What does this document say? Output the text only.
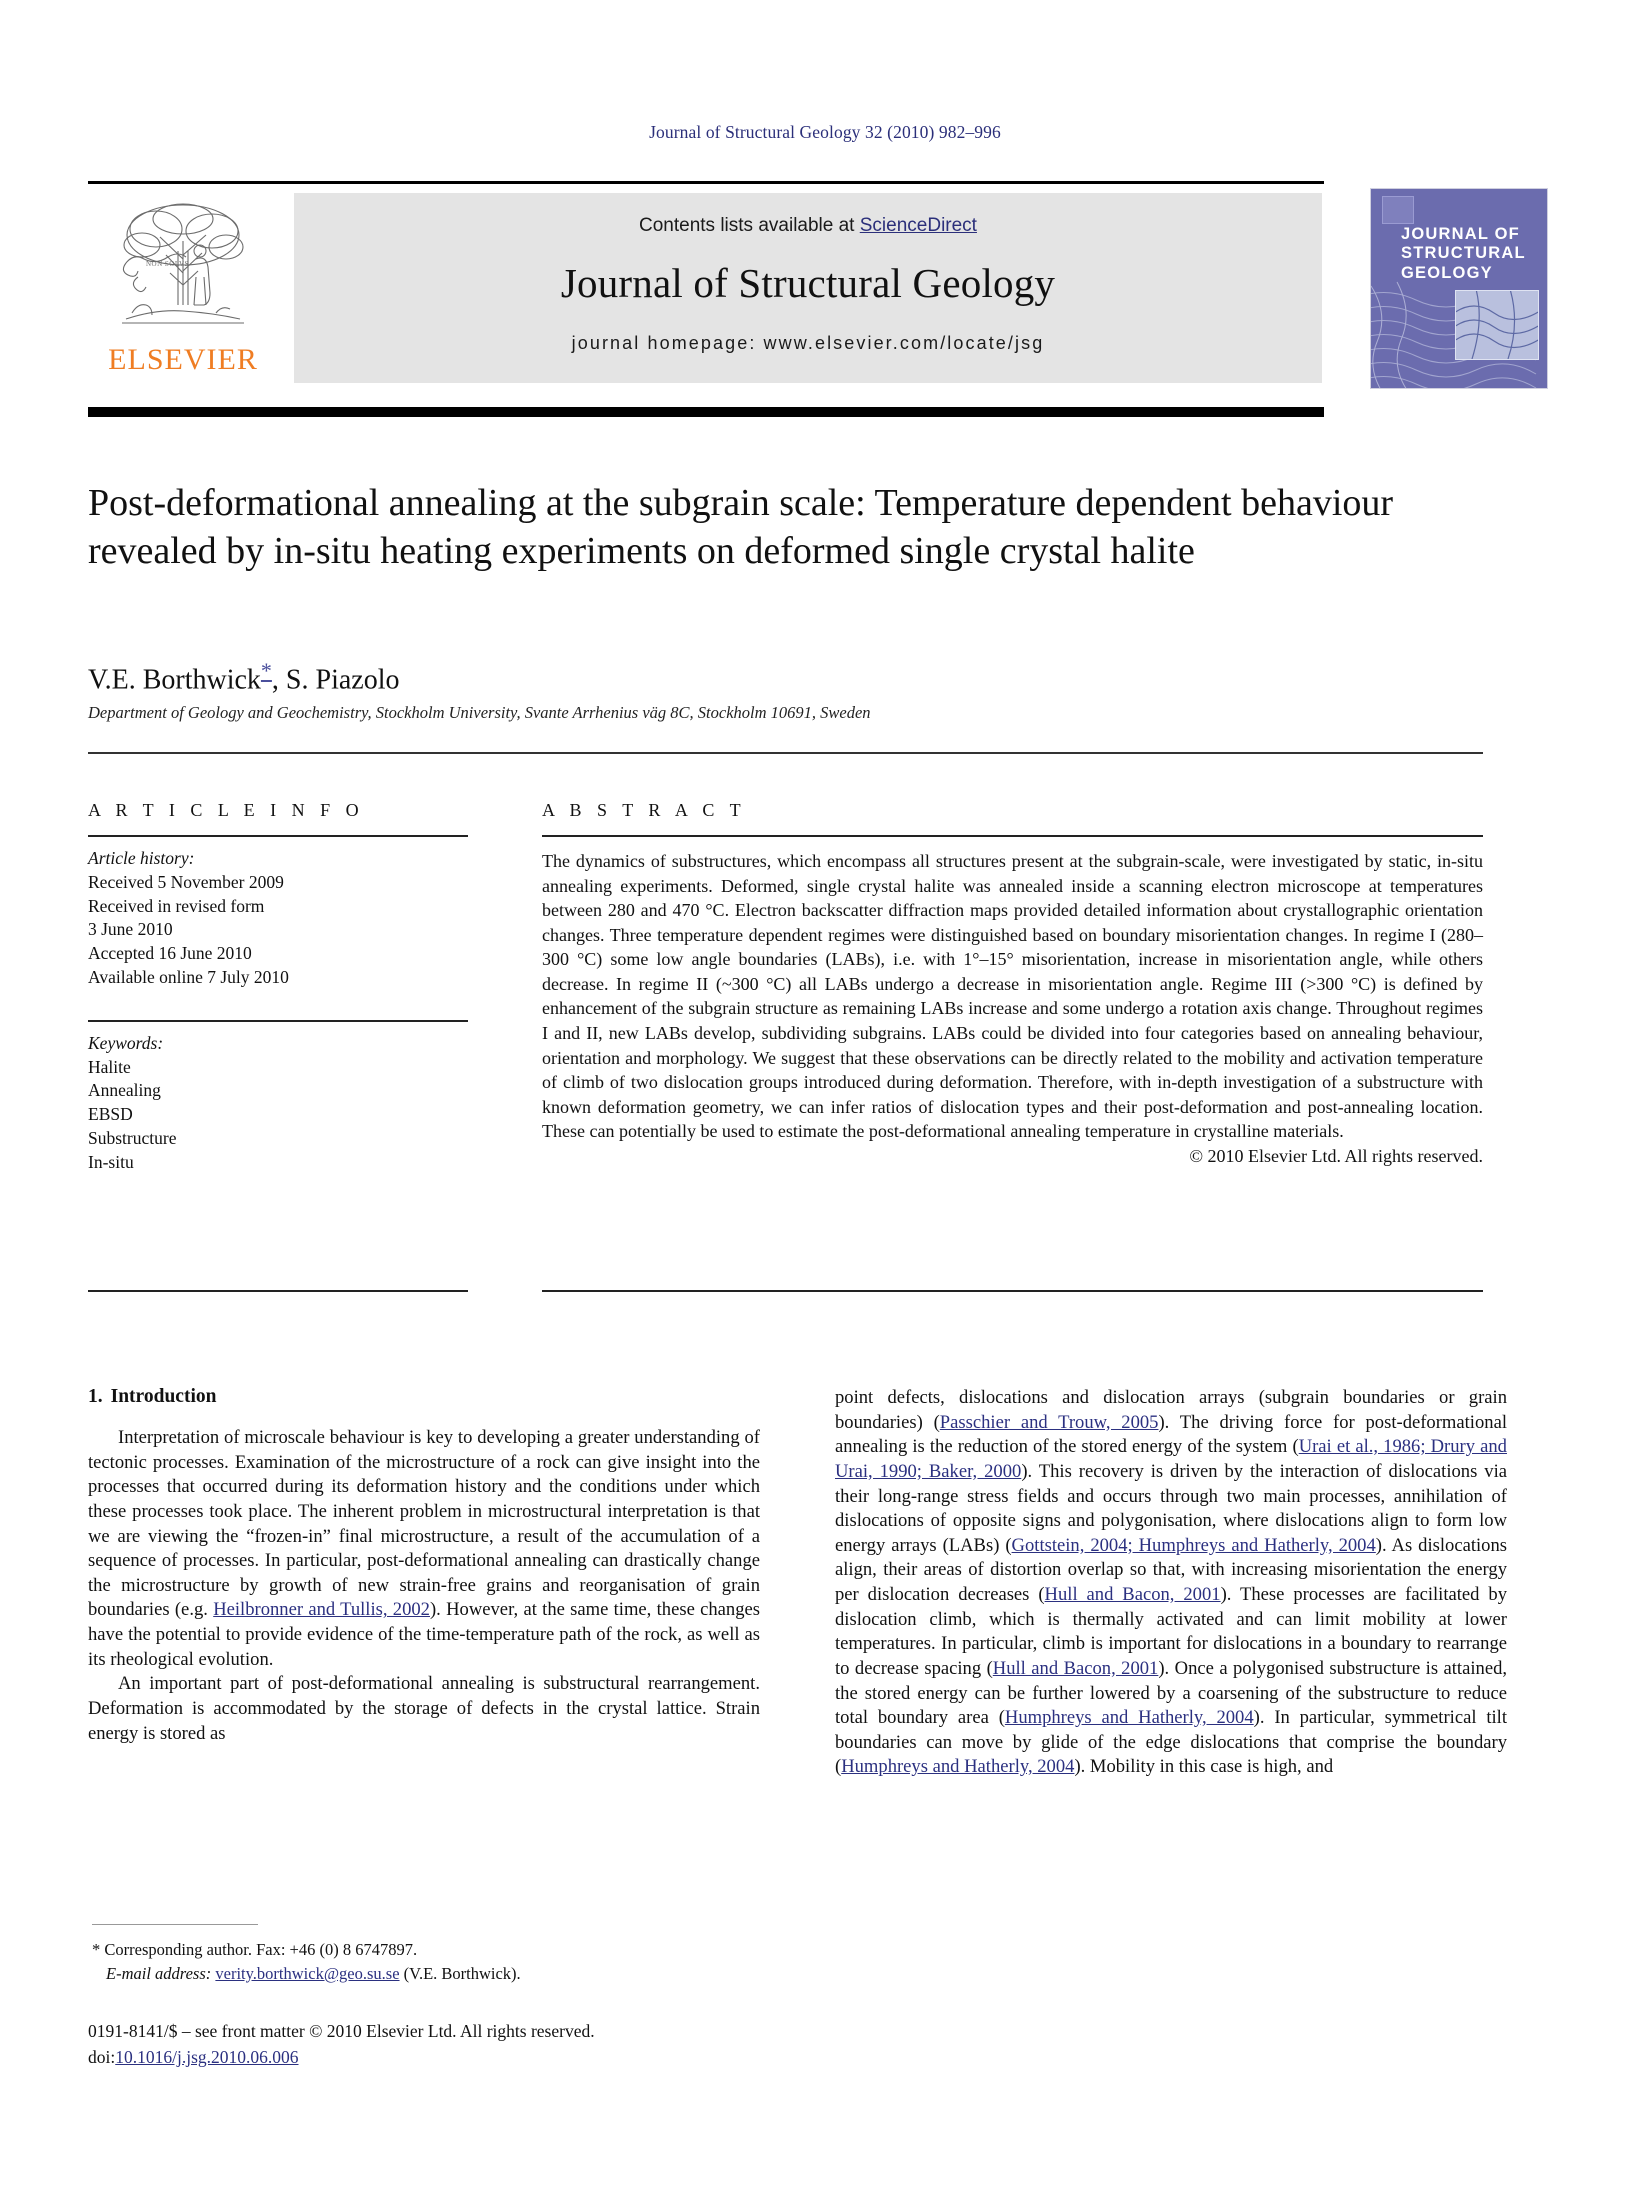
Journal of Structural Geology 32 (2010) 982–996
NON SOLVS
ELSEVIER
Contents lists available at ScienceDirect
Journal of Structural Geology
journal homepage: www.elsevier.com/locate/jsg
JOURNAL OF
STRUCTURAL
GEOLOGY
Post-deformational annealing at the subgrain scale: Temperature dependent behaviour revealed by in-situ heating experiments on deformed single crystal halite
V.E. Borthwick*, S. Piazolo
Department of Geology and Geochemistry, Stockholm University, Svante Arrhenius väg 8C, Stockholm 10691, Sweden
A R T I C L E I N F O
Article history:
Received 5 November 2009
Received in revised form
3 June 2010
Accepted 16 June 2010
Available online 7 July 2010
Keywords:
Halite
Annealing
EBSD
Substructure
In-situ
A B S T R A C T
The dynamics of substructures, which encompass all structures present at the subgrain-scale, were investigated by static, in-situ annealing experiments. Deformed, single crystal halite was annealed inside a scanning electron microscope at temperatures between 280 and 470 °C. Electron backscatter diffraction maps provided detailed information about crystallographic orientation changes. Three temperature dependent regimes were distinguished based on boundary misorientation changes. In regime I (280–300 °C) some low angle boundaries (LABs), i.e. with 1°–15° misorientation, increase in misorientation angle, while others decrease. In regime II (~300 °C) all LABs undergo a decrease in misorientation angle. Regime III (>300 °C) is defined by enhancement of the subgrain structure as remaining LABs increase and some undergo a rotation axis change. Throughout regimes I and II, new LABs develop, subdividing subgrains. LABs could be divided into four categories based on annealing behaviour, orientation and morphology. We suggest that these observations can be directly related to the mobility and activation temperature of climb of two dislocation groups introduced during deformation. Therefore, with in-depth investigation of a substructure with known deformation geometry, we can infer ratios of dislocation types and their post-deformation and post-annealing location. These can potentially be used to estimate the post-deformational annealing temperature in crystalline materials.
© 2010 Elsevier Ltd. All rights reserved.
1. Introduction

Interpretation of microscale behaviour is key to developing a greater understanding of tectonic processes. Examination of the microstructure of a rock can give insight into the processes that occurred during its deformation history and the conditions under which these processes took place. The inherent problem in microstructural interpretation is that we are viewing the “frozen-in” final microstructure, a result of the accumulation of a sequence of processes. In particular, post-deformational annealing can drastically change the microstructure by growth of new strain-free grains and reorganisation of grain boundaries (e.g. Heilbronner and Tullis, 2002). However, at the same time, these changes have the potential to provide evidence of the time-temperature path of the rock, as well as its rheological evolution.

An important part of post-deformational annealing is substructural rearrangement. Deformation is accommodated by the storage of defects in the crystal lattice. Strain energy is stored as

point defects, dislocations and dislocation arrays (subgrain boundaries or grain boundaries) (Passchier and Trouw, 2005). The driving force for post-deformational annealing is the reduction of the stored energy of the system (Urai et al., 1986; Drury and Urai, 1990; Baker, 2000). This recovery is driven by the interaction of dislocations via their long-range stress fields and occurs through two main processes, annihilation of dislocations of opposite signs and polygonisation, where dislocations align to form low energy arrays (LABs) (Gottstein, 2004; Humphreys and Hatherly, 2004). As dislocations align, their areas of distortion overlap so that, with increasing misorientation the energy per dislocation decreases (Hull and Bacon, 2001). These processes are facilitated by dislocation climb, which is thermally activated and can limit mobility at lower temperatures. In particular, climb is important for dislocations in a boundary to rearrange to decrease spacing (Hull and Bacon, 2001). Once a polygonised substructure is attained, the stored energy can be further lowered by a coarsening of the substructure to reduce total boundary area (Humphreys and Hatherly, 2004). In particular, symmetrical tilt boundaries can move by glide of the edge dislocations that comprise the boundary (Humphreys and Hatherly, 2004). Mobility in this case is high, and

* Corresponding author. Fax: +46 (0) 8 6747897.
E-mail address: verity.borthwick@geo.su.se (V.E. Borthwick).
0191-8141/$ – see front matter © 2010 Elsevier Ltd. All rights reserved.
doi:10.1016/j.jsg.2010.06.006
